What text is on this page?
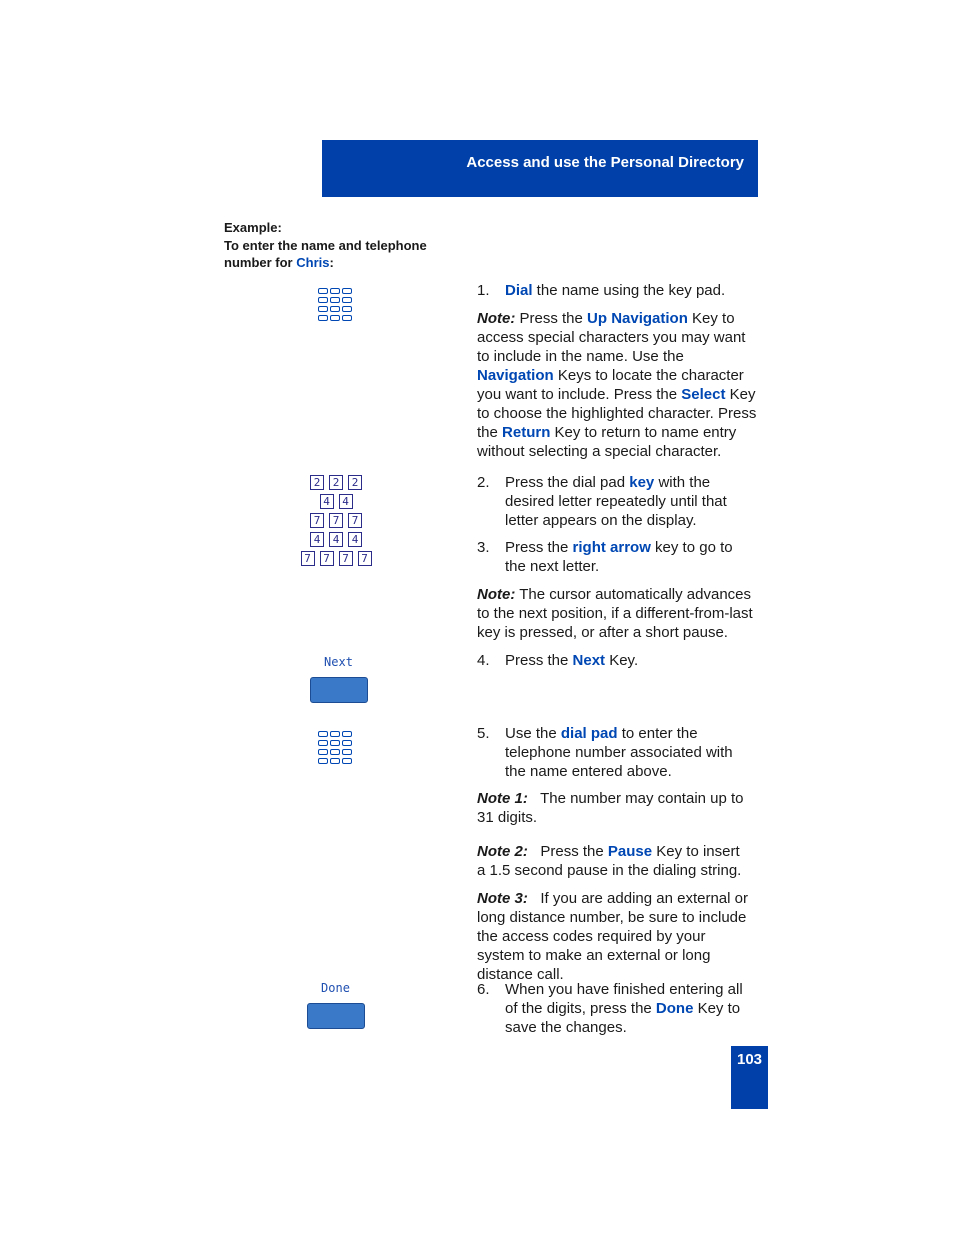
Access and use the Personal Directory
Example:
To enter the name and telephone
number for Chris:
1. Dial the name using the key pad.
Note: Press the Up Navigation Key to access special characters you may want to include in the name. Use the Navigation Keys to locate the character you want to include. Press the Select Key to choose the highlighted character. Press the Return Key to return to name entry without selecting a special character.
2	2	2
4	4
7	7	7
4	4	4
7	7	7	7
2. Press the dial pad key with the desired letter repeatedly until that letter appears on the display.
3. Press the right arrow key to go to the next letter.
Note: The cursor automatically advances to the next position, if a different-from-last key is pressed, or after a short pause.
Next	4. Press the Next Key.
5. Use the dial pad to enter the telephone number associated with the name entered above.
Note 1:   The number may contain up to 31 digits.
Note 2:   Press the Pause Key to insert a 1.5 second pause in the dialing string.
Note 3:   If you are adding an external or long distance number, be sure to include the access codes required by your system to make an external or long distance call.
Done	6. When you have finished entering all of the digits, press the Done Key to save the changes.
103
